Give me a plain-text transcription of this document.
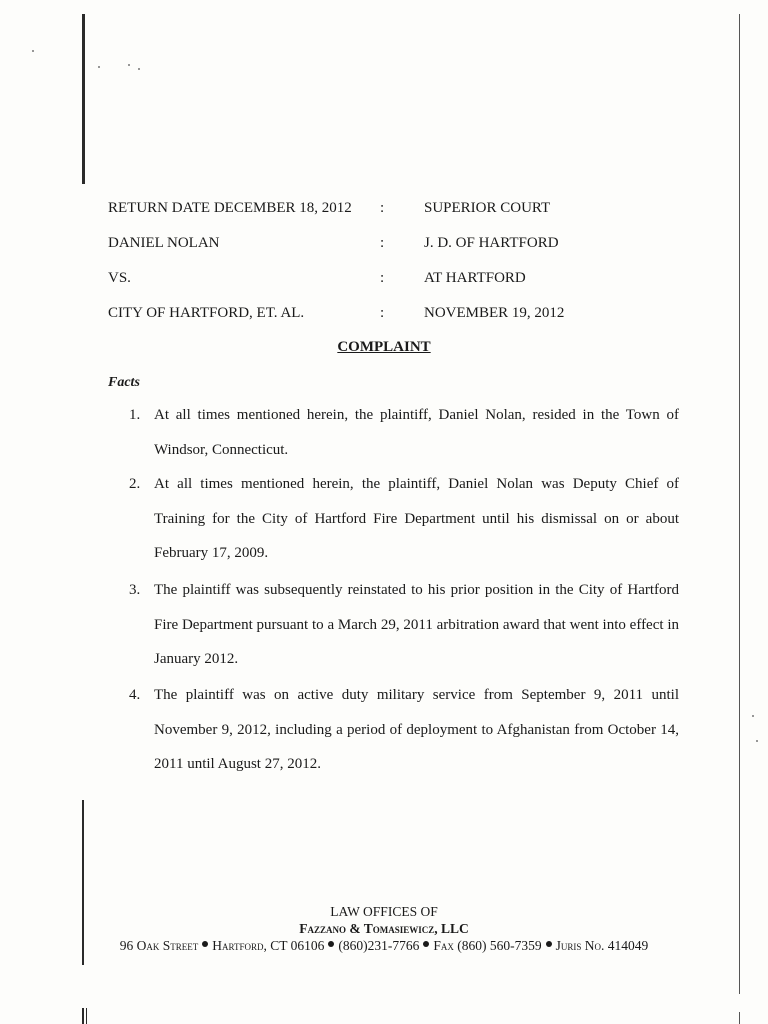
RETURN DATE DECEMBER 18, 2012 :	SUPERIOR COURT
DANIEL NOLAN	:	J. D. OF HARTFORD
VS.	:	AT HARTFORD
CITY OF HARTFORD, ET. AL.	:	NOVEMBER 19, 2012
COMPLAINT
Facts
1. At all times mentioned herein, the plaintiff, Daniel Nolan, resided in the Town of Windsor, Connecticut.
2. At all times mentioned herein, the plaintiff, Daniel Nolan was Deputy Chief of Training for the City of Hartford Fire Department until his dismissal on or about February 17, 2009.
3. The plaintiff was subsequently reinstated to his prior position in the City of Hartford Fire Department pursuant to a March 29, 2011 arbitration award that went into effect in January 2012.
4. The plaintiff was on active duty military service from September 9, 2011 until November 9, 2012, including a period of deployment to Afghanistan from October 14, 2011 until August 27, 2012.
LAW OFFICES OF
Fazzano & Tomasiewicz, LLC
96 Oak Street Hartford, CT 06106 (860)231-7766 Fax (860) 560-7359 Juris No. 414049
